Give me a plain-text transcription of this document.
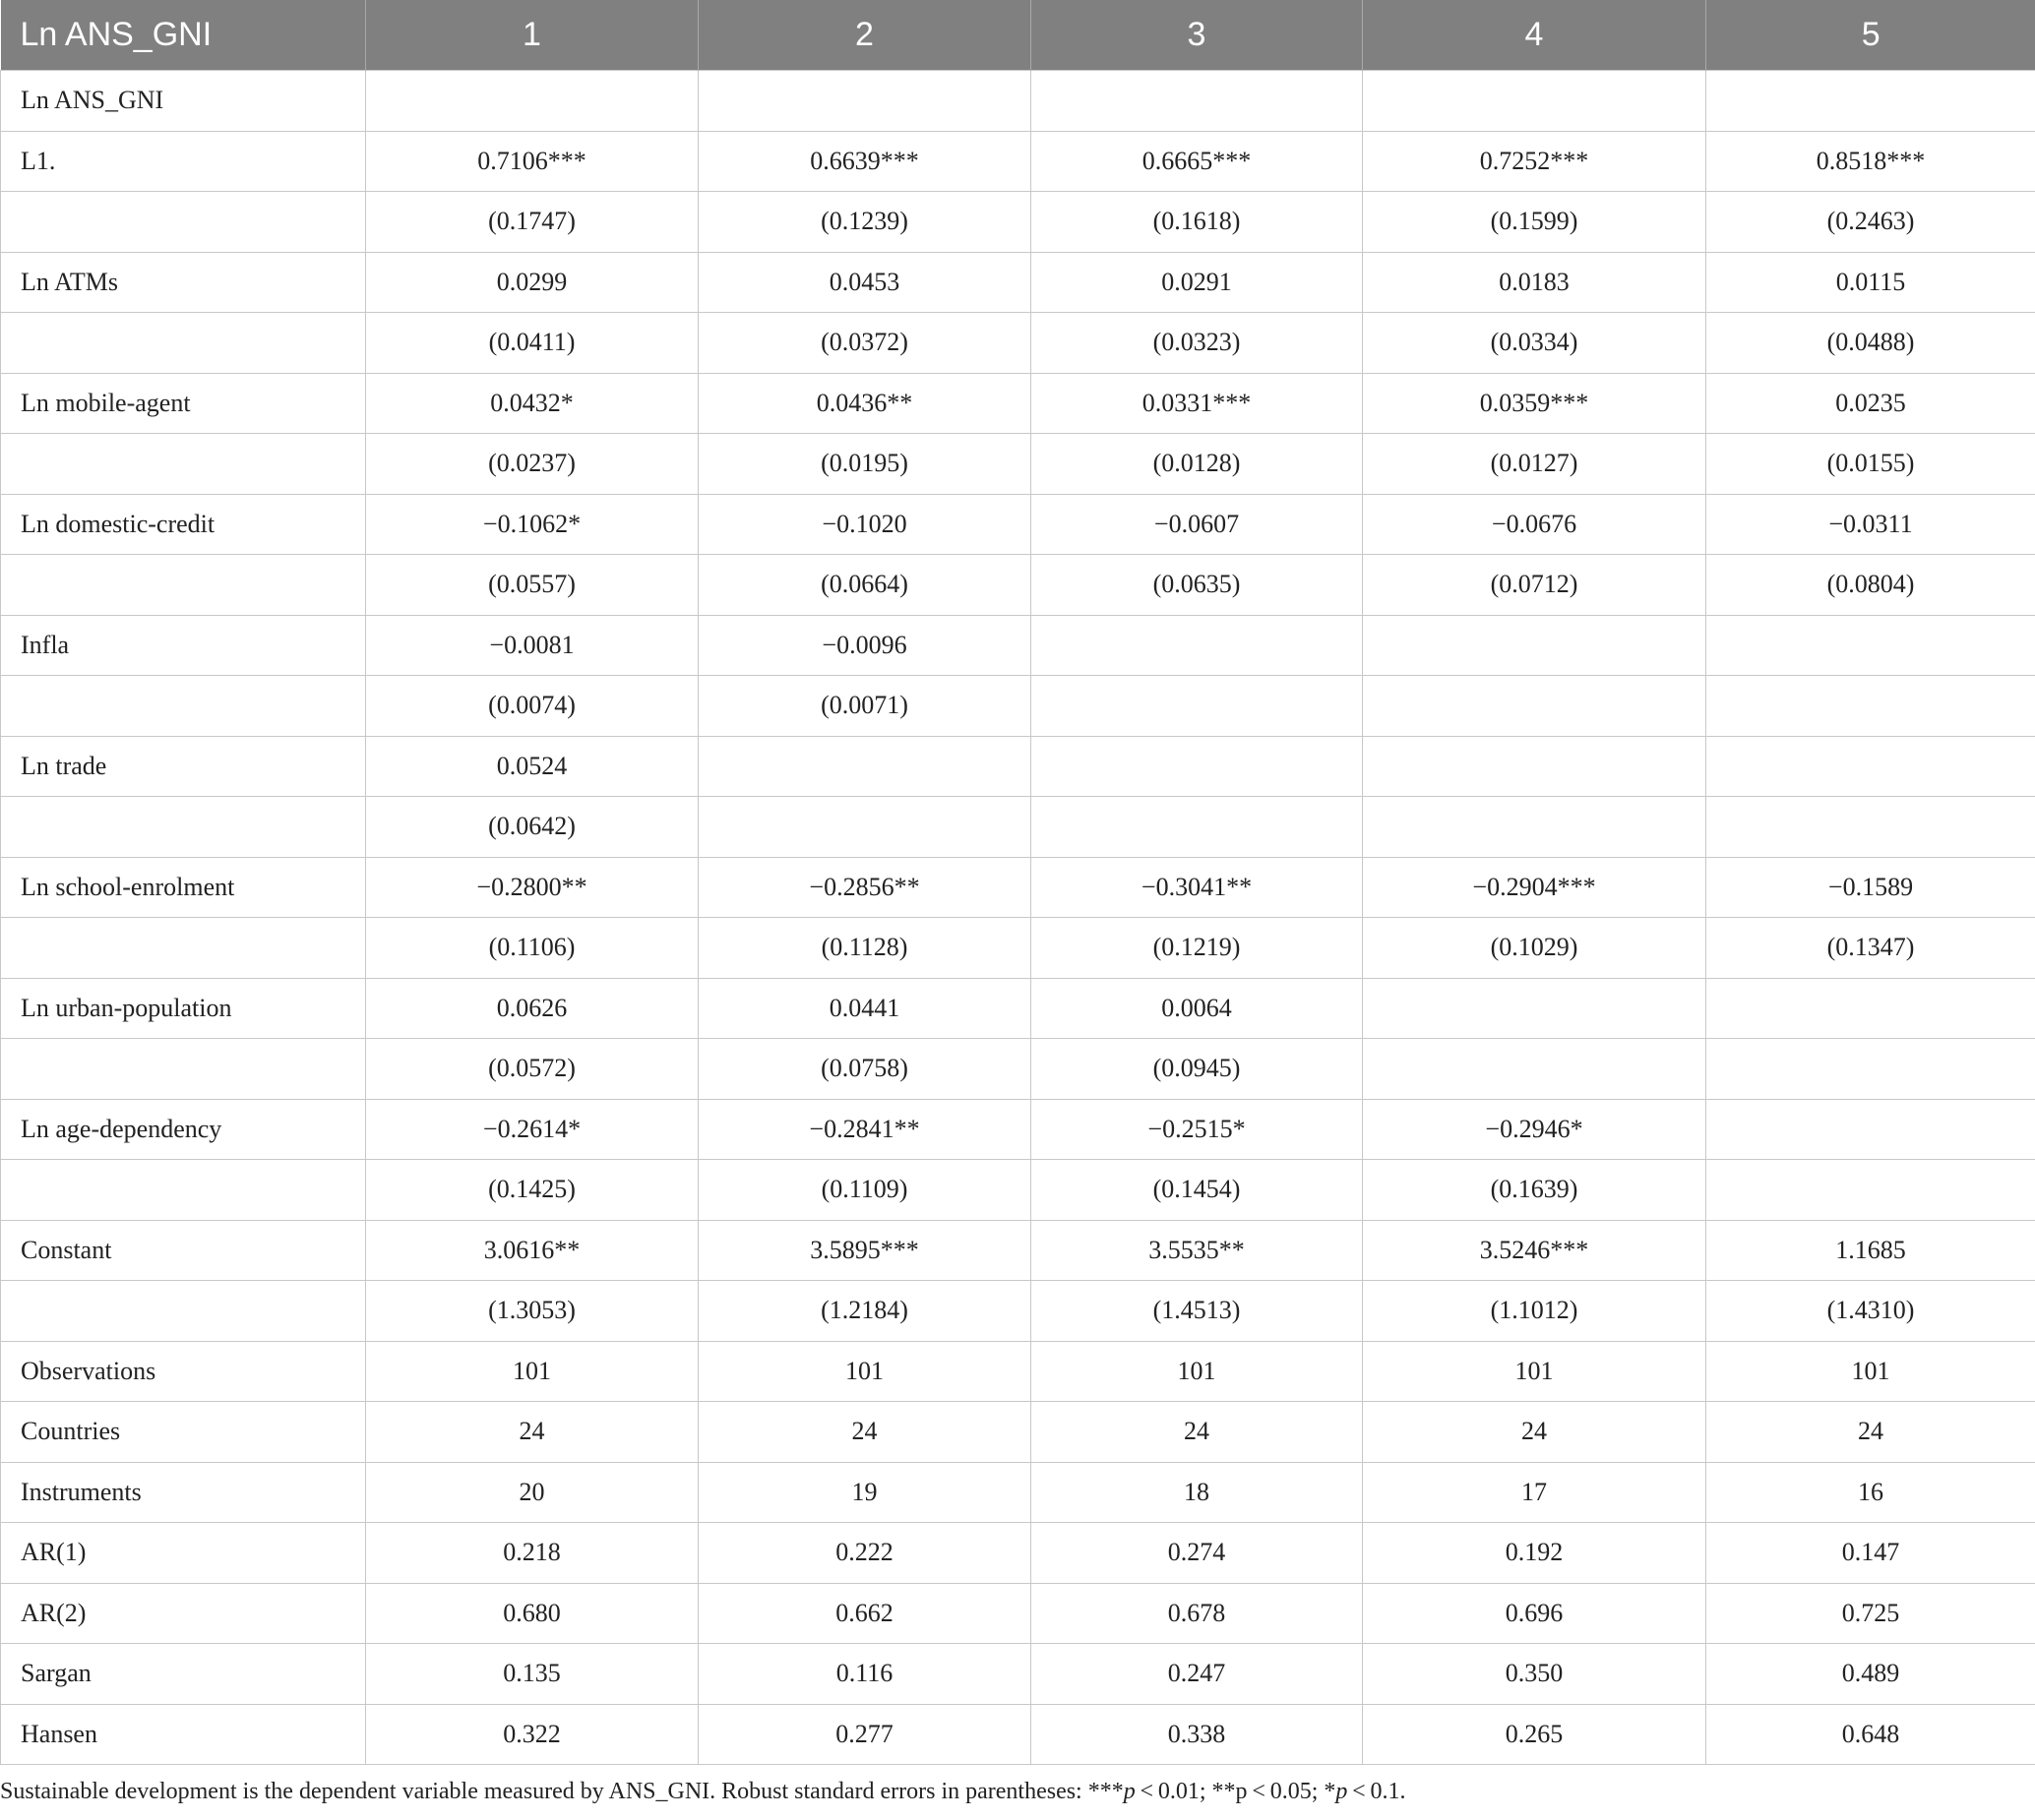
Ln ANS_GNI	1	2	3	4	5
Ln ANS_GNI					
L1.	0.7106***	0.6639***	0.6665***	0.7252***	0.8518***
	(0.1747)	(0.1239)	(0.1618)	(0.1599)	(0.2463)
Ln ATMs	0.0299	0.0453	0.0291	0.0183	0.0115
	(0.0411)	(0.0372)	(0.0323)	(0.0334)	(0.0488)
Ln mobile-agent	0.0432*	0.0436**	0.0331***	0.0359***	0.0235
	(0.0237)	(0.0195)	(0.0128)	(0.0127)	(0.0155)
Ln domestic-credit	−0.1062*	−0.1020	−0.0607	−0.0676	−0.0311
	(0.0557)	(0.0664)	(0.0635)	(0.0712)	(0.0804)
Infla	−0.0081	−0.0096			
	(0.0074)	(0.0071)			
Ln trade	0.0524				
	(0.0642)				
Ln school-enrolment	−0.2800**	−0.2856**	−0.3041**	−0.2904***	−0.1589
	(0.1106)	(0.1128)	(0.1219)	(0.1029)	(0.1347)
Ln urban-population	0.0626	0.0441	0.0064		
	(0.0572)	(0.0758)	(0.0945)		
Ln age-dependency	−0.2614*	−0.2841**	−0.2515*	−0.2946*	
	(0.1425)	(0.1109)	(0.1454)	(0.1639)	
Constant	3.0616**	3.5895***	3.5535**	3.5246***	1.1685
	(1.3053)	(1.2184)	(1.4513)	(1.1012)	(1.4310)
Observations	101	101	101	101	101
Countries	24	24	24	24	24
Instruments	20	19	18	17	16
AR(1)	0.218	0.222	0.274	0.192	0.147
AR(2)	0.680	0.662	0.678	0.696	0.725
Sargan	0.135	0.116	0.247	0.350	0.489
Hansen	0.322	0.277	0.338	0.265	0.648
Sustainable development is the dependent variable measured by ANS_GNI. Robust standard errors in parentheses: ***p < 0.01; **p < 0.05; *p < 0.1.
